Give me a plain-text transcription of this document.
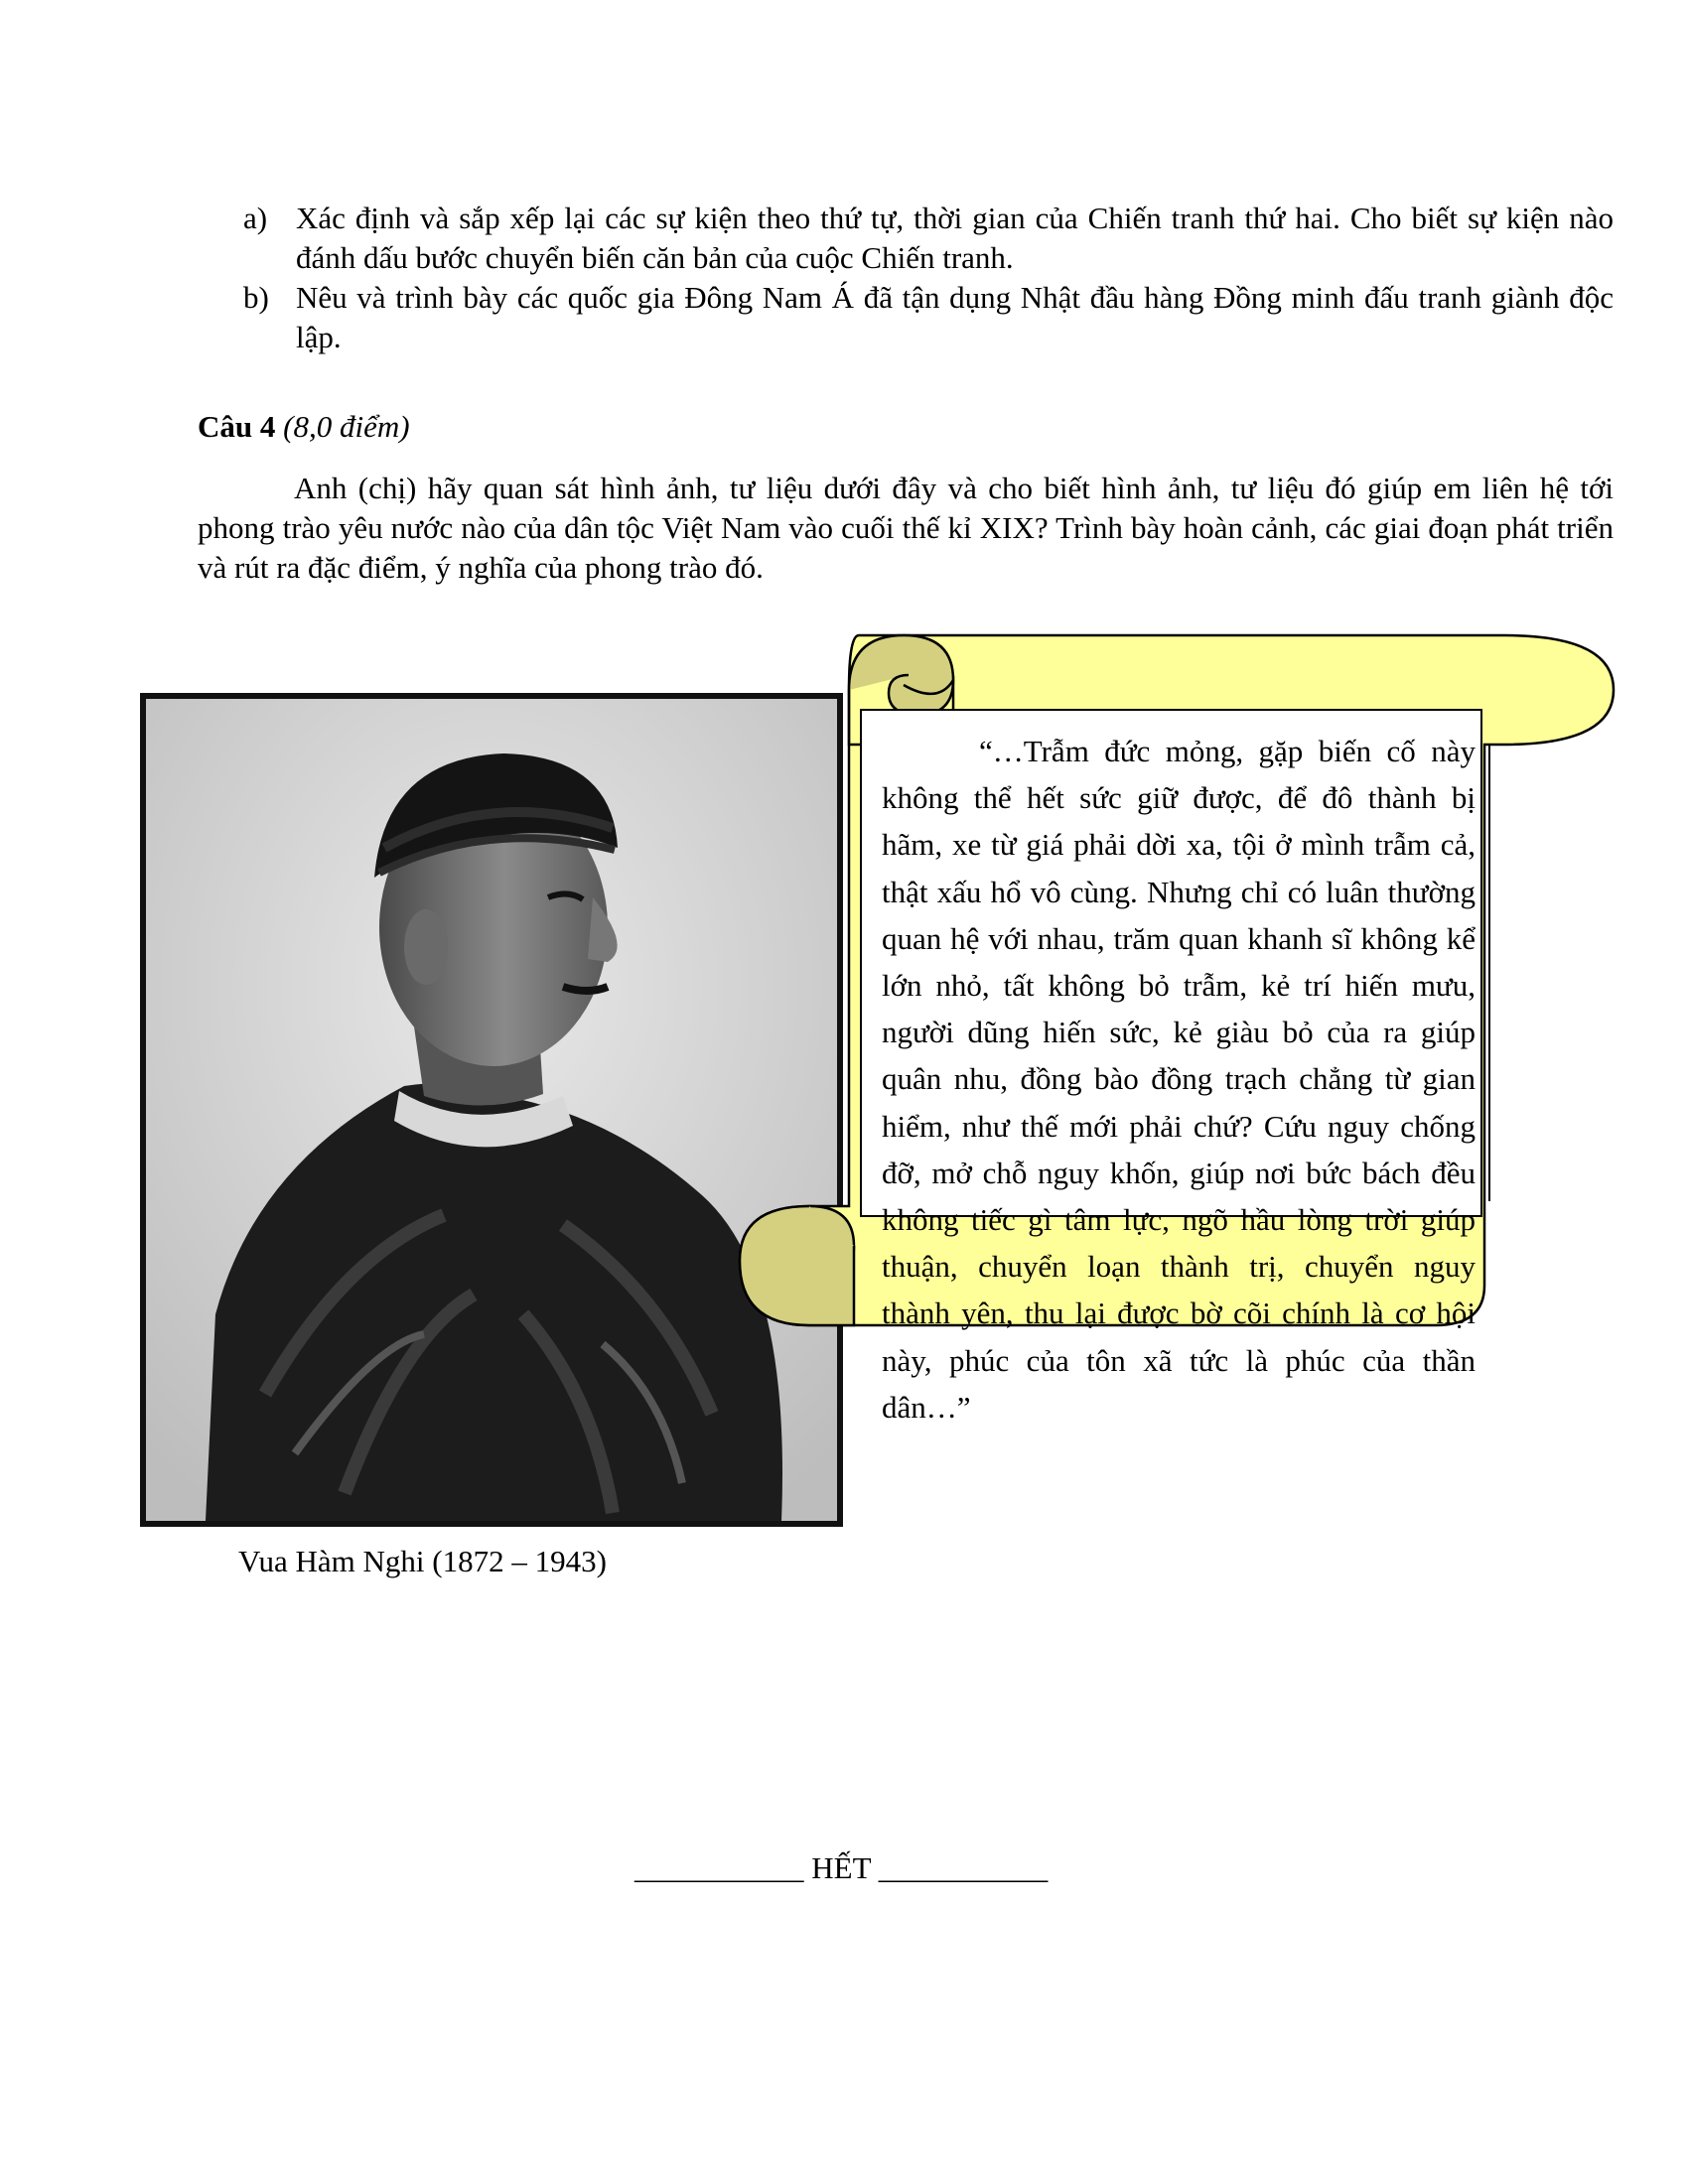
a) Xác định và sắp xếp lại các sự kiện theo thứ tự, thời gian của Chiến tranh thứ hai. Cho biết sự kiện nào đánh dấu bước chuyển biến căn bản của cuộc Chiến tranh.
b) Nêu và trình bày các quốc gia Đông Nam Á đã tận dụng Nhật đầu hàng Đồng minh đấu tranh giành độc lập.
Câu 4 (8,0 điểm)
Anh (chị) hãy quan sát hình ảnh, tư liệu dưới đây và cho biết hình ảnh, tư liệu đó giúp em liên hệ tới phong trào yêu nước nào của dân tộc Việt Nam vào cuối thế kỉ XIX? Trình bày hoàn cảnh, các giai đoạn phát triển và rút ra đặc điểm, ý nghĩa của phong trào đó.
Vua Hàm Nghi (1872 – 1943)
“…Trẫm đức mỏng, gặp biến cố này không thể hết sức giữ được, để đô thành bị hãm, xe từ giá phải dời xa, tội ở mình trẫm cả, thật xấu hổ vô cùng. Nhưng chỉ có luân thường quan hệ với nhau, trăm quan khanh sĩ không kể lớn nhỏ, tất không bỏ trẫm, kẻ trí hiến mưu, người dũng hiến sức, kẻ giàu bỏ của ra giúp quân nhu, đồng bào đồng trạch chẳng từ gian hiểm, như thế mới phải chứ? Cứu nguy chống đỡ, mở chỗ nguy khốn, giúp nơi bức bách đều không tiếc gì tâm lực, ngõ hầu lòng trời giúp thuận, chuyển loạn thành trị, chuyển nguy thành yên, thu lại được bờ cõi chính là cơ hội này, phúc của tôn xã tức là phúc của thần dân…”
___________ HẾT ___________
